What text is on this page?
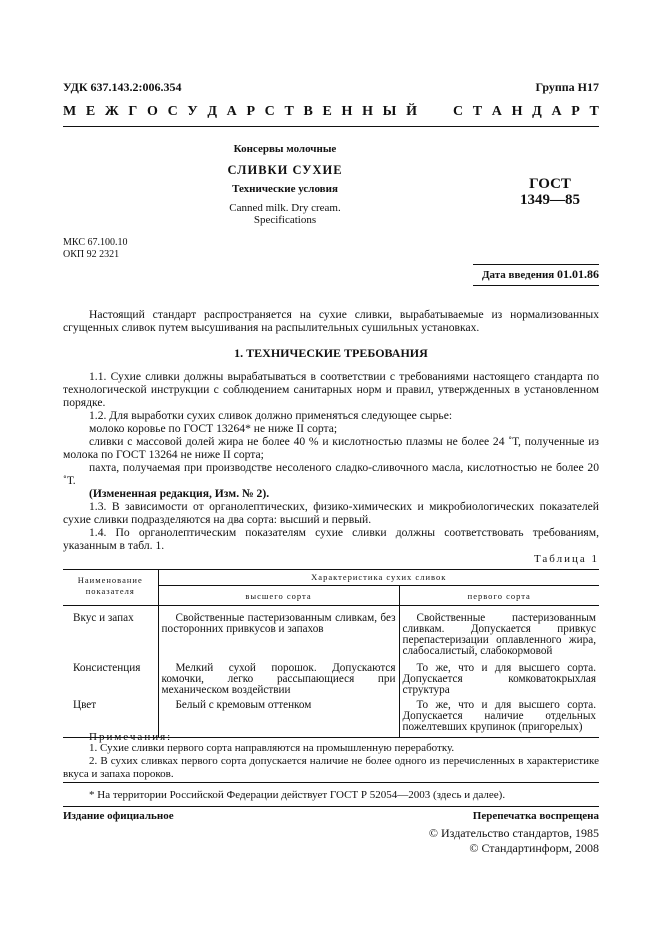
УДК 637.143.2:006.354	Группа Н17
М Е Ж Г О С У Д А Р С Т В Е Н Н Ы Й

	С Т А Н Д А Р Т
Консервы молочные
СЛИВКИ СУХИЕ
Технические условия
Canned milk. Dry cream.
Specifications
ГОСТ
1349—85
МКС 67.100.10
ОКП 92 2321
Дата введения 01.01.86
Настоящий стандарт распространяется на сухие сливки, вырабатываемые из нормализованных сгущенных сливок путем высушивания на распылительных сушильных установках.
1. ТЕХНИЧЕСКИЕ ТРЕБОВАНИЯ
1.1. Сухие сливки должны вырабатываться в соответствии с требованиями настоящего стандарта по технологической инструкции с соблюдением санитарных норм и правил, утвержденных в установленном порядке.
1.2. Для выработки сухих сливок должно применяться следующее сырье:
молоко коровье по ГОСТ 13264* не ниже II сорта;
сливки с массовой долей жира не более 40 % и кислотностью плазмы не более 24 ˚Т, полученные из молока по ГОСТ 13264 не ниже II сорта;
пахта, получаемая при производстве несоленого сладко-сливочного масла, кислотностью не более 20 ˚Т.
(Измененная редакция, Изм. № 2).
1.3. В зависимости от органолептических, физико-химических и микробиологических показателей сухие сливки подразделяются на два сорта: высший и первый.
1.4. По органолептическим показателям сухие сливки должны соответствовать требованиям, указанным в табл. 1.
Таблица 1
Наименование показателя	Характеристика сухих сливок	
	высшего сорта	первого сорта
Вкус и запах	Свойственные пастеризованным сливкам, без посторонних привкусов и запахов	Свойственные пастеризованным сливкам. Допускается привкус перепастеризации оплавленного жира, слабосалистый, слабокормовой
Консистенция	Мелкий сухой порошок. Допускаются комочки, легко рассыпающиеся при механическом воздействии	То же, что и для высшего сорта. Допускается комковатокрыхлая структура
Цвет	Белый с кремовым оттенком	То же, что и для высшего сорта. Допускается наличие отдельных пожелтевших крупинок (пригорелых)
Примечания:
1. Сухие сливки первого сорта направляются на промышленную переработку.
2. В сухих сливках первого сорта допускается наличие не более одного из перечисленных в характеристике вкуса и запаха пороков.
* На территории Российской Федерации действует ГОСТ Р 52054—2003 (здесь и далее).
Издание официальное	Перепечатка воспрещена
© Издательство стандартов, 1985
© Стандартинформ, 2008
